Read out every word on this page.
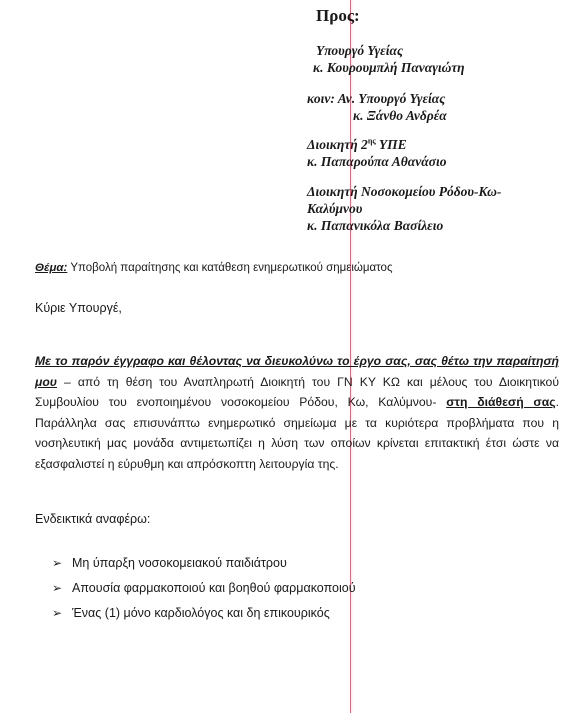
Προς:
Υπουργό Υγείας
κ. Κουρουμπλή Παναγιώτη
κοιν: Αν. Υπουργό Υγείας
κ. Ξάνθο Ανδρέα
Διοικητή $2^{\eta\varsigma}$ ΥΠΕ
κ. Παπαρούπα Αθανάσιο
Διοικητή Νοσοκομείου Ρόδου-Κω-
Καλύμνου
κ. Παπανικόλα Βασίλειο
Θέμα: Υποβολή παραίτησης και κατάθεση ενημερωτικού σημειώματος
Κύριε Υπουργέ,
Με το παρόν έγγραφο και θέλοντας να διευκολύνω το έργο σας, σας θέτω την παραίτησή μου – από τη θέση του Αναπληρωτή Διοικητή του ΓΝ ΚΥ ΚΩ και μέλους του Διοικητικού Συμβουλίου του ενοποιημένου νοσοκομείου Ρόδου, Κω, Καλύμνου- στη διάθεσή σας. Παράλληλα σας επισυνάπτω ενημερωτικό σημείωμα με τα κυριότερα προβλήματα που η νοσηλευτική μας μονάδα αντιμετωπίζει η λύση των οποίων κρίνεται επιτακτική έτσι ώστε να εξασφαλιστεί η εύρυθμη και απρόσκοπτη λειτουργία της.
Ενδεικτικά αναφέρω:
➢ Μη ύπαρξη νοσοκομειακού παιδιάτρου
➢ Απουσία φαρμακοποιού και βοηθού φαρμακοποιού
➢ Ένας (1) μόνο καρδιολόγος και δη επικουρικός
